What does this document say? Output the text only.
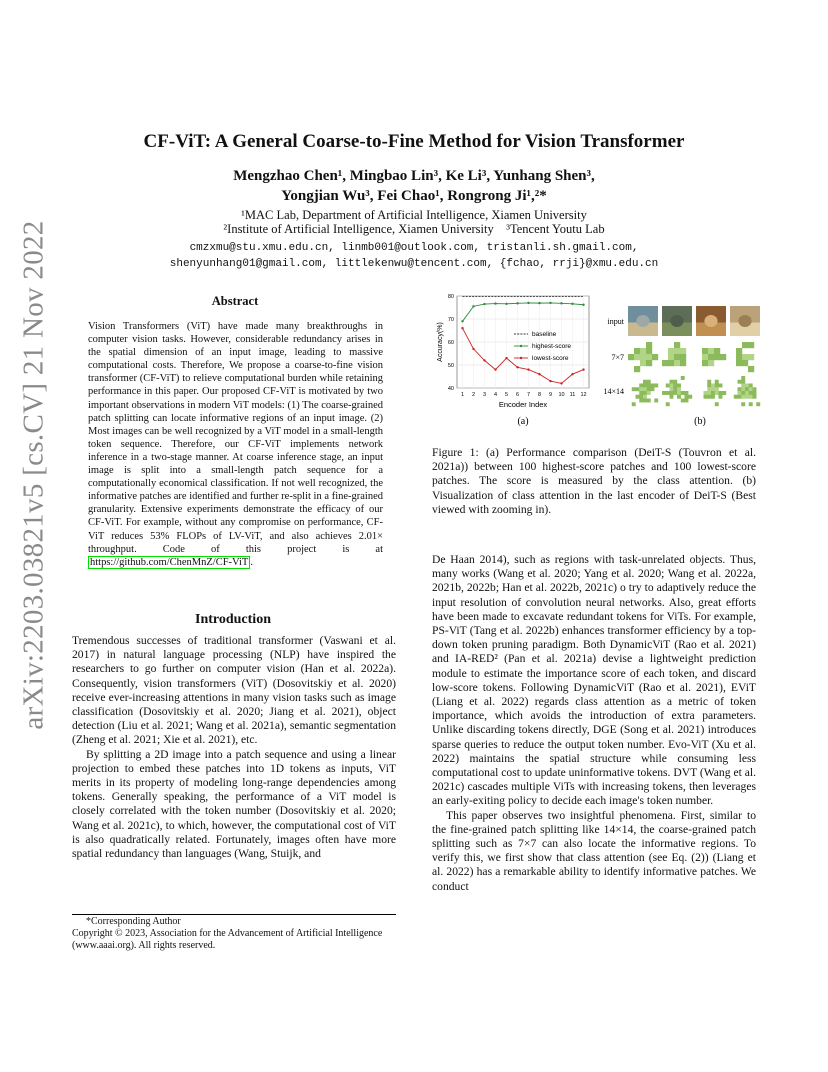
arXiv:2203.03821v5 [cs.CV] 21 Nov 2022
CF-ViT: A General Coarse-to-Fine Method for Vision Transformer
Mengzhao Chen¹, Mingbao Lin³, Ke Li³, Yunhang Shen³,
Yongjian Wu³, Fei Chao¹, Rongrong Ji¹,²*
¹MAC Lab, Department of Artificial Intelligence, Xiamen University
²Institute of Artificial Intelligence, Xiamen University    ³Tencent Youtu Lab
cmzxmu@stu.xmu.edu.cn, linmb001@outlook.com, tristanli.sh.gmail.com,
shenyunhang01@gmail.com, littlekenwu@tencent.com, {fchao, rrji}@xmu.edu.cn
Abstract
Vision Transformers (ViT) have made many breakthroughs in computer vision tasks. However, considerable redundancy arises in the spatial dimension of an input image, leading to massive computational costs. Therefore, We propose a coarse-to-fine vision transformer (CF-ViT) to relieve computational burden while retaining performance in this paper. Our proposed CF-ViT is motivated by two important observations in modern ViT models: (1) The coarse-grained patch splitting can locate informative regions of an input image. (2) Most images can be well recognized by a ViT model in a small-length token sequence. Therefore, our CF-ViT implements network inference in a two-stage manner. At coarse inference stage, an input image is split into a small-length patch sequence for a computationally economical classification. If not well recognized, the informative patches are identified and further re-split in a fine-grained granularity. Extensive experiments demonstrate the efficacy of our CF-ViT. For example, without any compromise on performance, CF-ViT reduces 53% FLOPs of LV-ViT, and also achieves 2.01× throughput. Code of this project is at https://github.com/ChenMnZ/CF-ViT .
Introduction

Tremendous successes of traditional transformer (Vaswani et al. 2017) in natural language processing (NLP) have inspired the researchers to go further on computer vision (Han et al. 2022a). Consequently, vision transformers (ViT) (Dosovitskiy et al. 2020) receive ever-increasing attentions in many vision tasks such as image classification (Dosovitskiy et al. 2020; Jiang et al. 2021), object detection (Liu et al. 2021; Wang et al. 2021a), semantic segmentation (Zheng et al. 2021; Xie et al. 2021), etc.

By splitting a 2D image into a patch sequence and using a linear projection to embed these patches into 1D tokens as inputs, ViT merits in its property of modeling long-range dependencies among tokens. Generally speaking, the performance of a ViT model is closely correlated with the token number (Dosovitskiy et al. 2020; Wang et al. 2021c), to which, however, the computational cost of ViT is also quadratically related. Fortunately, images often have more spatial redundancy than languages (Wang, Stuijk, and

*Corresponding Author
Copyright © 2023, Association for the Advancement of Artificial Intelligence (www.aaai.org). All rights reserved.
40
50
60
70
80
1 2 3 4 5 6 7 8 9 10 11 12
baseline
highest-score
lowest-score
Accuracy(%)
Encoder Index
(a)
input
7×7
14×14
(b)
Figure 1: (a) Performance comparison (DeiT-S (Touvron et al. 2021a)) between 100 highest-score patches and 100 lowest-score patches. The score is measured by the class attention. (b) Visualization of class attention in the last encoder of DeiT-S (Best viewed with zooming in).

De Haan 2014), such as regions with task-unrelated objects. Thus, many works (Wang et al. 2020; Yang et al. 2020; Wang et al. 2022a, 2021b, 2022b; Han et al. 2022b, 2021c) o try to adaptively reduce the input resolution of convolution neural networks. Also, great efforts have been made to excavate redundant tokens for ViTs. For example, PS-ViT (Tang et al. 2022b) enhances transformer efficiency by a top-down token pruning paradigm. Both DynamicViT (Rao et al. 2021) and IA-RED² (Pan et al. 2021a) devise a lightweight prediction module to estimate the importance score of each token, and discard low-score tokens. Following DynamicViT (Rao et al. 2021), EViT (Liang et al. 2022) regards class attention as a metric of token importance, which avoids the introduction of extra parameters. Unlike discarding tokens directly, DGE (Song et al. 2021) introduces sparse queries to reduce the output token number. Evo-ViT (Xu et al. 2022) maintains the spatial structure while consuming less computational cost to update uninformative tokens. DVT (Wang et al. 2021c) cascades multiple ViTs with increasing tokens, then leverages an early-exiting policy to decide each image's token number.

This paper observes two insightful phenomena. First, similar to the fine-grained patch splitting like 14×14, the coarse-grained patch splitting such as 7×7 can also locate the informative regions. To verify this, we first show that class attention (see Eq. (2)) (Liang et al. 2022) has a remarkable ability to identify informative patches. We conduct
